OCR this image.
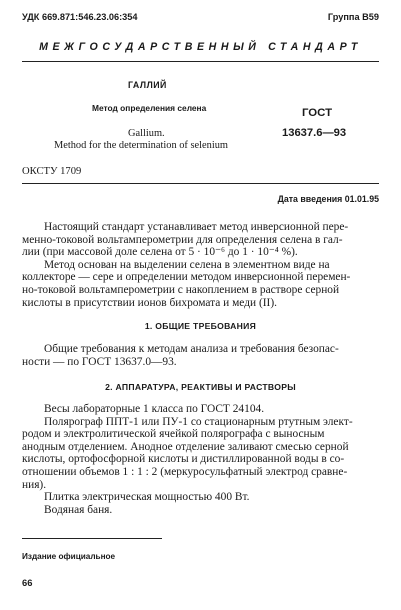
УДК 669.871:546.23.06:354	Группа В59
МЕЖГОСУДАРСТВЕННЫЙ СТАНДАРТ
ГАЛЛИЙ
Метод определения селена
Gallium.
Method for the determination of selenium
ГОСТ
13637.6—93
ОКСТУ 1709
Дата введения 01.01.95
Настоящий стандарт устанавливает метод инверсионной пере-
менно-токовой вольтамперометрии для определения селена в гал-
лии (при массовой доле селена от 5 · 10⁻⁶ до 1 · 10⁻⁴ %).
Метод основан на выделении селена в элементном виде на
коллекторе — сере и определении методом инверсионной перемен-
но-токовой вольтамперометрии с накоплением в растворе серной
кислоты в присутствии ионов бихромата и меди (II).
1. ОБЩИЕ ТРЕБОВАНИЯ
Общие требования к методам анализа и требования безопас-
ности — по ГОСТ 13637.0—93.
2. АППАРАТУРА, РЕАКТИВЫ И РАСТВОРЫ
Весы лабораторные 1 класса по ГОСТ 24104.
Полярограф ППТ-1 или ПУ-1 со стационарным ртутным элект-
родом и электролитической ячейкой полярографа с выносным
анодным отделением. Анодное отделение заливают смесью серной
кислоты, ортофосфорной кислоты и дистиллированной воды в со-
отношении объемов 1 : 1 : 2 (меркуросульфатный электрод сравне-
ния).
Плитка электрическая мощностью 400 Вт.
Водяная баня.
Издание официальное
66
